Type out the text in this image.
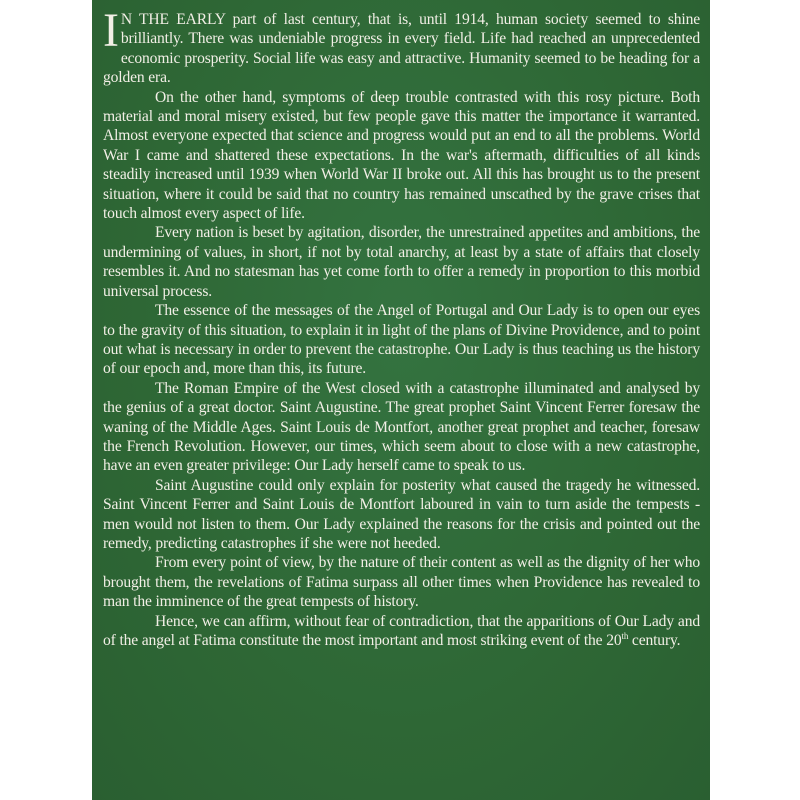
I N THE EARLY part of last century, that is, until 1914, human society seemed to shine brilliantly. There was undeniable progress in every field. Life had reached an unprecedented economic prosperity. Social life was easy and attractive. Humanity seemed to be heading for a golden era.

On the other hand, symptoms of deep trouble contrasted with this rosy picture. Both material and moral misery existed, but few people gave this matter the importance it warranted. Almost everyone expected that science and progress would put an end to all the problems. World War I came and shattered these expectations. In the war's aftermath, difficulties of all kinds steadily increased until 1939 when World War II broke out. All this has brought us to the present situation, where it could be said that no country has remained unscathed by the grave crises that touch almost every aspect of life.

Every nation is beset by agitation, disorder, the unrestrained appetites and ambitions, the undermining of values, in short, if not by total anarchy, at least by a state of affairs that closely resembles it. And no statesman has yet come forth to offer a remedy in proportion to this morbid universal process.

The essence of the messages of the Angel of Portugal and Our Lady is to open our eyes to the gravity of this situation, to explain it in light of the plans of Divine Providence, and to point out what is necessary in order to prevent the catastrophe. Our Lady is thus teaching us the history of our epoch and, more than this, its future.

The Roman Empire of the West closed with a catastrophe illuminated and analysed by the genius of a great doctor. Saint Augustine. The great prophet Saint Vincent Ferrer foresaw the waning of the Middle Ages. Saint Louis de Montfort, another great prophet and teacher, foresaw the French Revolution. However, our times, which seem about to close with a new catastrophe, have an even greater privilege: Our Lady herself came to speak to us.

Saint Augustine could only explain for posterity what caused the tragedy he witnessed. Saint Vincent Ferrer and Saint Louis de Montfort laboured in vain to turn aside the tempests - men would not listen to them. Our Lady explained the reasons for the crisis and pointed out the remedy, predicting catastrophes if she were not heeded.

From every point of view, by the nature of their content as well as the dignity of her who brought them, the revelations of Fatima surpass all other times when Providence has revealed to man the imminence of the great tempests of history.

Hence, we can affirm, without fear of contradiction, that the apparitions of Our Lady and of the angel at Fatima constitute the most important and most striking event of the 20th century.
